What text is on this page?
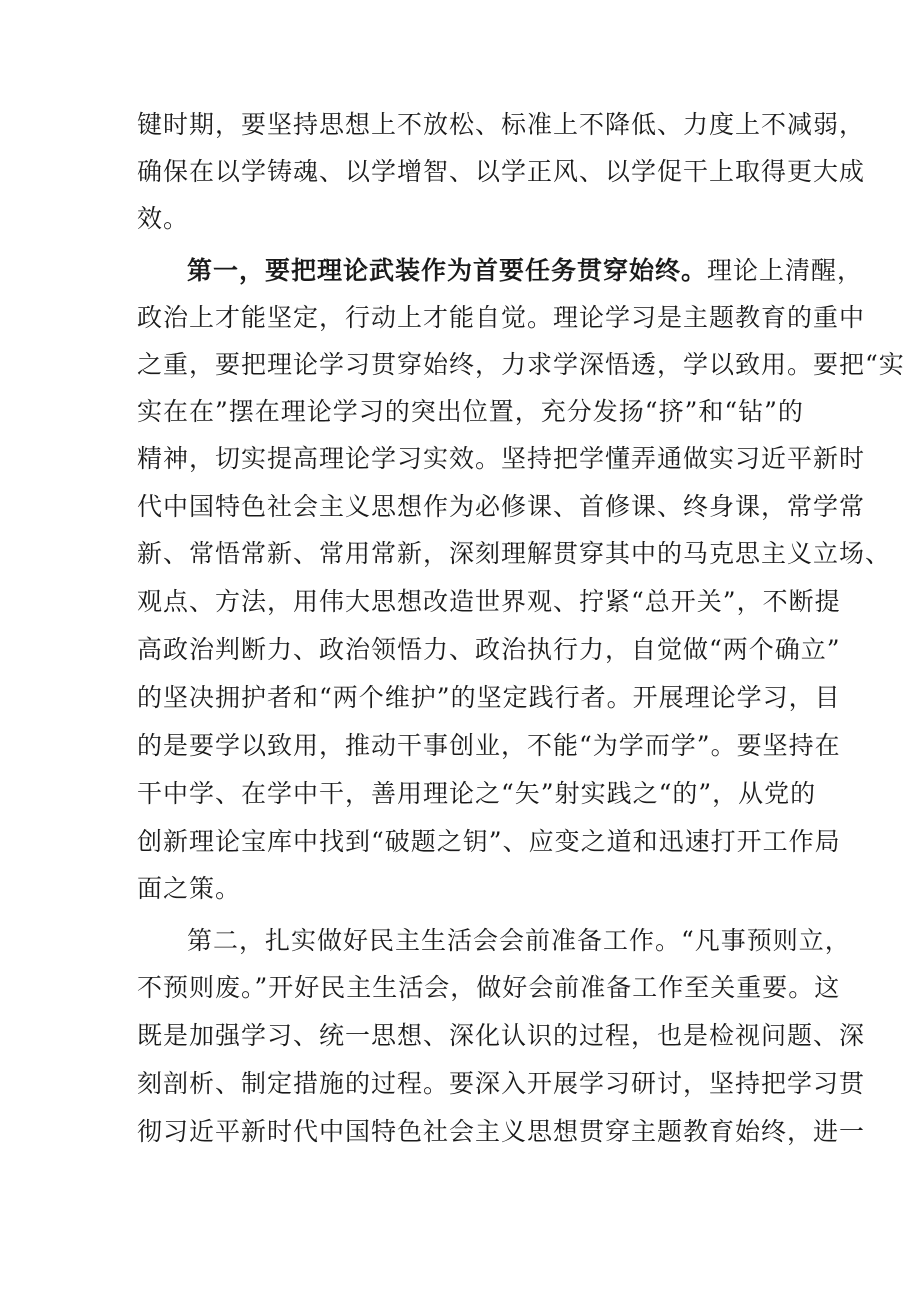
键时期，要坚持思想上不放松、标准上不降低、力度上不减弱，
确保在以学铸魂、以学增智、以学正风、以学促干上取得更大成
效。
第一，要把理论武装作为首要任务贯穿始终。理论上清醒，
政治上才能坚定，行动上才能自觉。理论学习是主题教育的重中
之重，要把理论学习贯穿始终，力求学深悟透，学以致用。要把“实
实在在”摆在理论学习的突出位置，充分发扬“挤”和“钻”的
精神，切实提高理论学习实效。坚持把学懂弄通做实习近平新时
代中国特色社会主义思想作为必修课、首修课、终身课，常学常
新、常悟常新、常用常新，深刻理解贯穿其中的马克思主义立场、
观点、方法，用伟大思想改造世界观、拧紧“总开关”，不断提
高政治判断力、政治领悟力、政治执行力，自觉做“两个确立”
的坚决拥护者和“两个维护”的坚定践行者。开展理论学习，目
的是要学以致用，推动干事创业，不能“为学而学”。要坚持在
干中学、在学中干，善用理论之“矢”射实践之“的”，从党的
创新理论宝库中找到“破题之钥”、应变之道和迅速打开工作局
面之策。
第二，扎实做好民主生活会会前准备工作。“凡事预则立，
不预则废。”开好民主生活会，做好会前准备工作至关重要。这
既是加强学习、统一思想、深化认识的过程，也是检视问题、深
刻剖析、制定措施的过程。要深入开展学习研讨，坚持把学习贯
彻习近平新时代中国特色社会主义思想贯穿主题教育始终，进一
